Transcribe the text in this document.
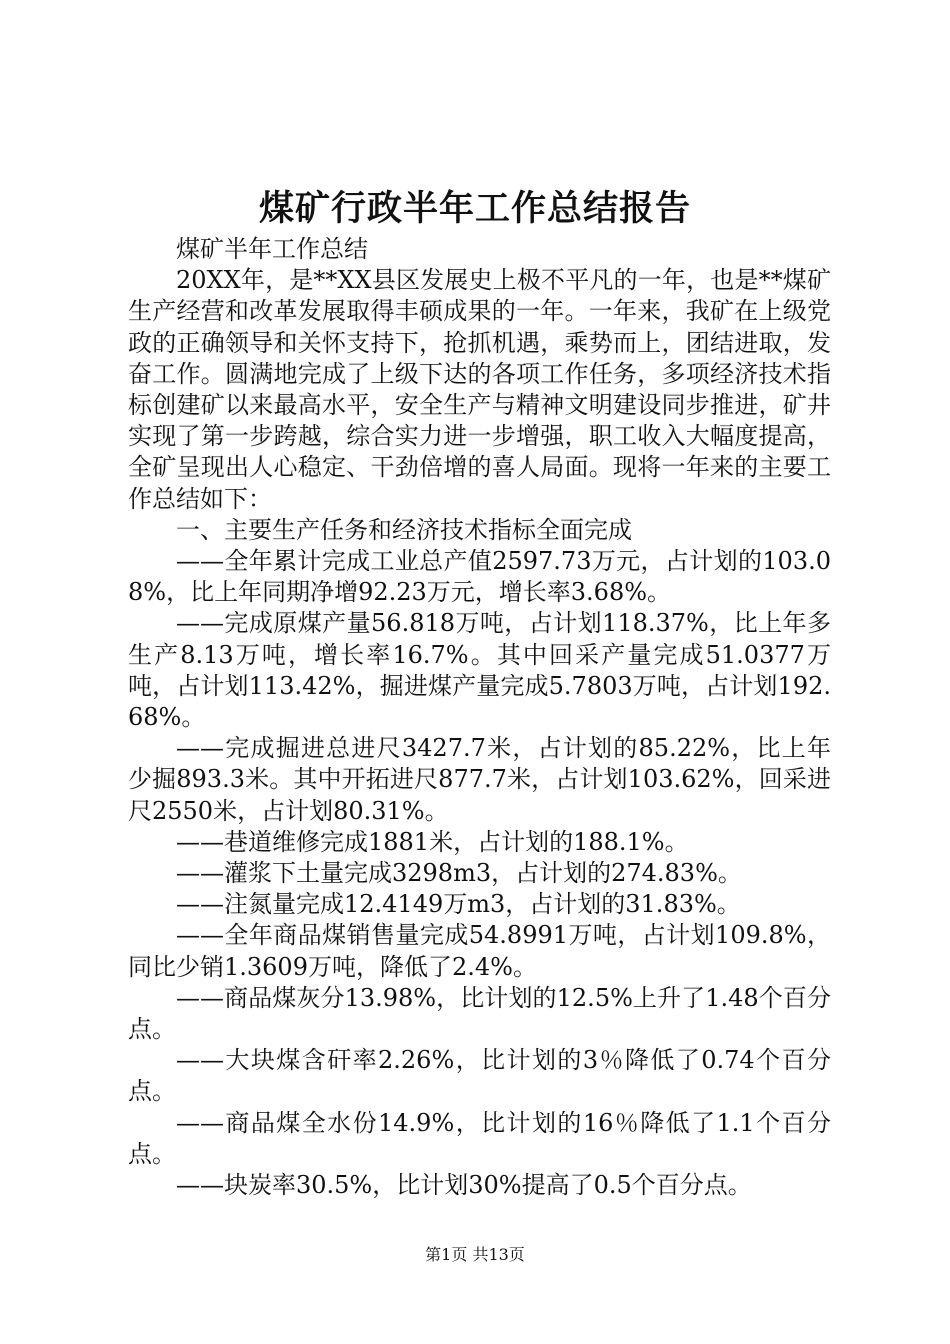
煤矿行政半年工作总结报告

煤矿半年工作总结

20XX年，是**XX县区发展史上极不平凡的一年，也是**煤矿生产经营和改革发展取得丰硕成果的一年。一年来，我矿在上级党政的正确领导和关怀支持下，抢抓机遇，乘势而上，团结进取，发奋工作。圆满地完成了上级下达的各项工作任务，多项经济技术指标创建矿以来最高水平，安全生产与精神文明建设同步推进，矿井实现了第一步跨越，综合实力进一步增强，职工收入大幅度提高，全矿呈现出人心稳定、干劲倍增的喜人局面。现将一年来的主要工作总结如下：

一、主要生产任务和经济技术指标全面完成

——全年累计完成工业总产值2597.73万元，占计划的103.08%，比上年同期净增92.23万元，增长率3.68%。

——完成原煤产量56.818万吨，占计划118.37%，比上年多生产8.13万吨，增长率16.7%。其中回采产量完成51.0377万吨，占计划113.42%，掘进煤产量完成5.7803万吨，占计划192.68%。

——完成掘进总进尺3427.7米，占计划的85.22%，比上年少掘893.3米。其中开拓进尺877.7米，占计划103.62%，回采进尺2550米，占计划80.31%。

——巷道维修完成1881米，占计划的188.1%。

——灌浆下土量完成3298m3，占计划的274.83%。

——注氮量完成12.4149万m3，占计划的31.83%。

——全年商品煤销售量完成54.8991万吨，占计划109.8%，同比少销1.3609万吨，降低了2.4%。

——商品煤灰分13.98%，比计划的12.5%上升了1.48个百分点。

——大块煤含矸率2.26%，比计划的3％降低了0.74个百分点。

——商品煤全水份14.9%，比计划的16％降低了1.1个百分点。

——块炭率30.5%，比计划30%提高了0.5个百分点。

第1页 共13页
